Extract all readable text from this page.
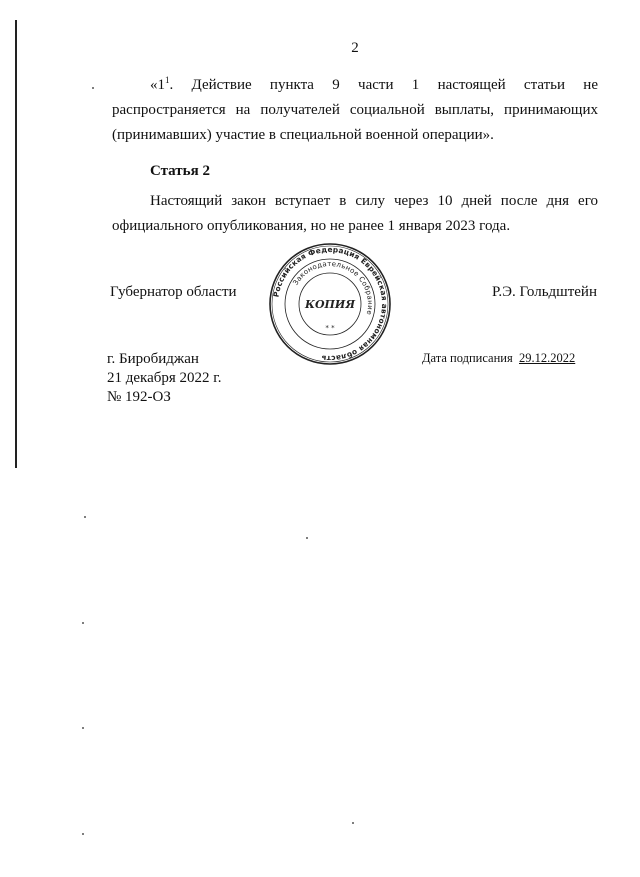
2

«$1^1$. Действие пункта 9 части 1 настоящей статьи не распространяется на получателей социальной выплаты, принимающих (принимавших) участие в специальной военной операции».

Статья 2

Настоящий закон вступает в силу через 10 дней после дня его официального опубликования, но не ранее 1 января 2023 года.

Губернатор области	Р.Э. Гольдштейн
Российская Федерация Еврейская автономная область
Законодательное Собрание
КОПИЯ
* *
г. Биробиджан
21 декабря 2022 г.
№ 192-ОЗ
Дата подписания 29.12.2022
